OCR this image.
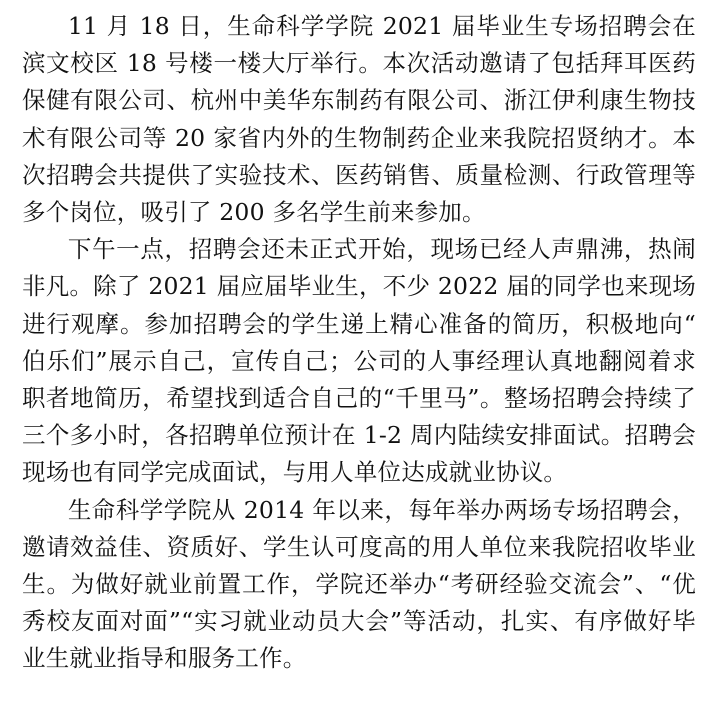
11 月 18 日，生命科学学院 2021 届毕业生专场招聘会在滨文校区 18 号楼一楼大厅举行。本次活动邀请了包括拜耳医药保健有限公司、杭州中美华东制药有限公司、浙江伊利康生物技术有限公司等 20 家省内外的生物制药企业来我院招贤纳才。本次招聘会共提供了实验技术、医药销售、质量检测、行政管理等多个岗位，吸引了 200 多名学生前来参加。

下午一点，招聘会还未正式开始，现场已经人声鼎沸，热闹非凡。除了 2021 届应届毕业生，不少 2022 届的同学也来现场进行观摩。参加招聘会的学生递上精心准备的简历，积极地向“伯乐们”展示自己，宣传自己；公司的人事经理认真地翻阅着求职者地简历，希望找到适合自己的“千里马”。整场招聘会持续了三个多小时，各招聘单位预计在 1-2 周内陆续安排面试。招聘会现场也有同学完成面试，与用人单位达成就业协议。

生命科学学院从 2014 年以来，每年举办两场专场招聘会，邀请效益佳、资质好、学生认可度高的用人单位来我院招收毕业生。为做好就业前置工作，学院还举办“考研经验交流会”、“优秀校友面对面”“实习就业动员大会”等活动，扎实、有序做好毕业生就业指导和服务工作。
